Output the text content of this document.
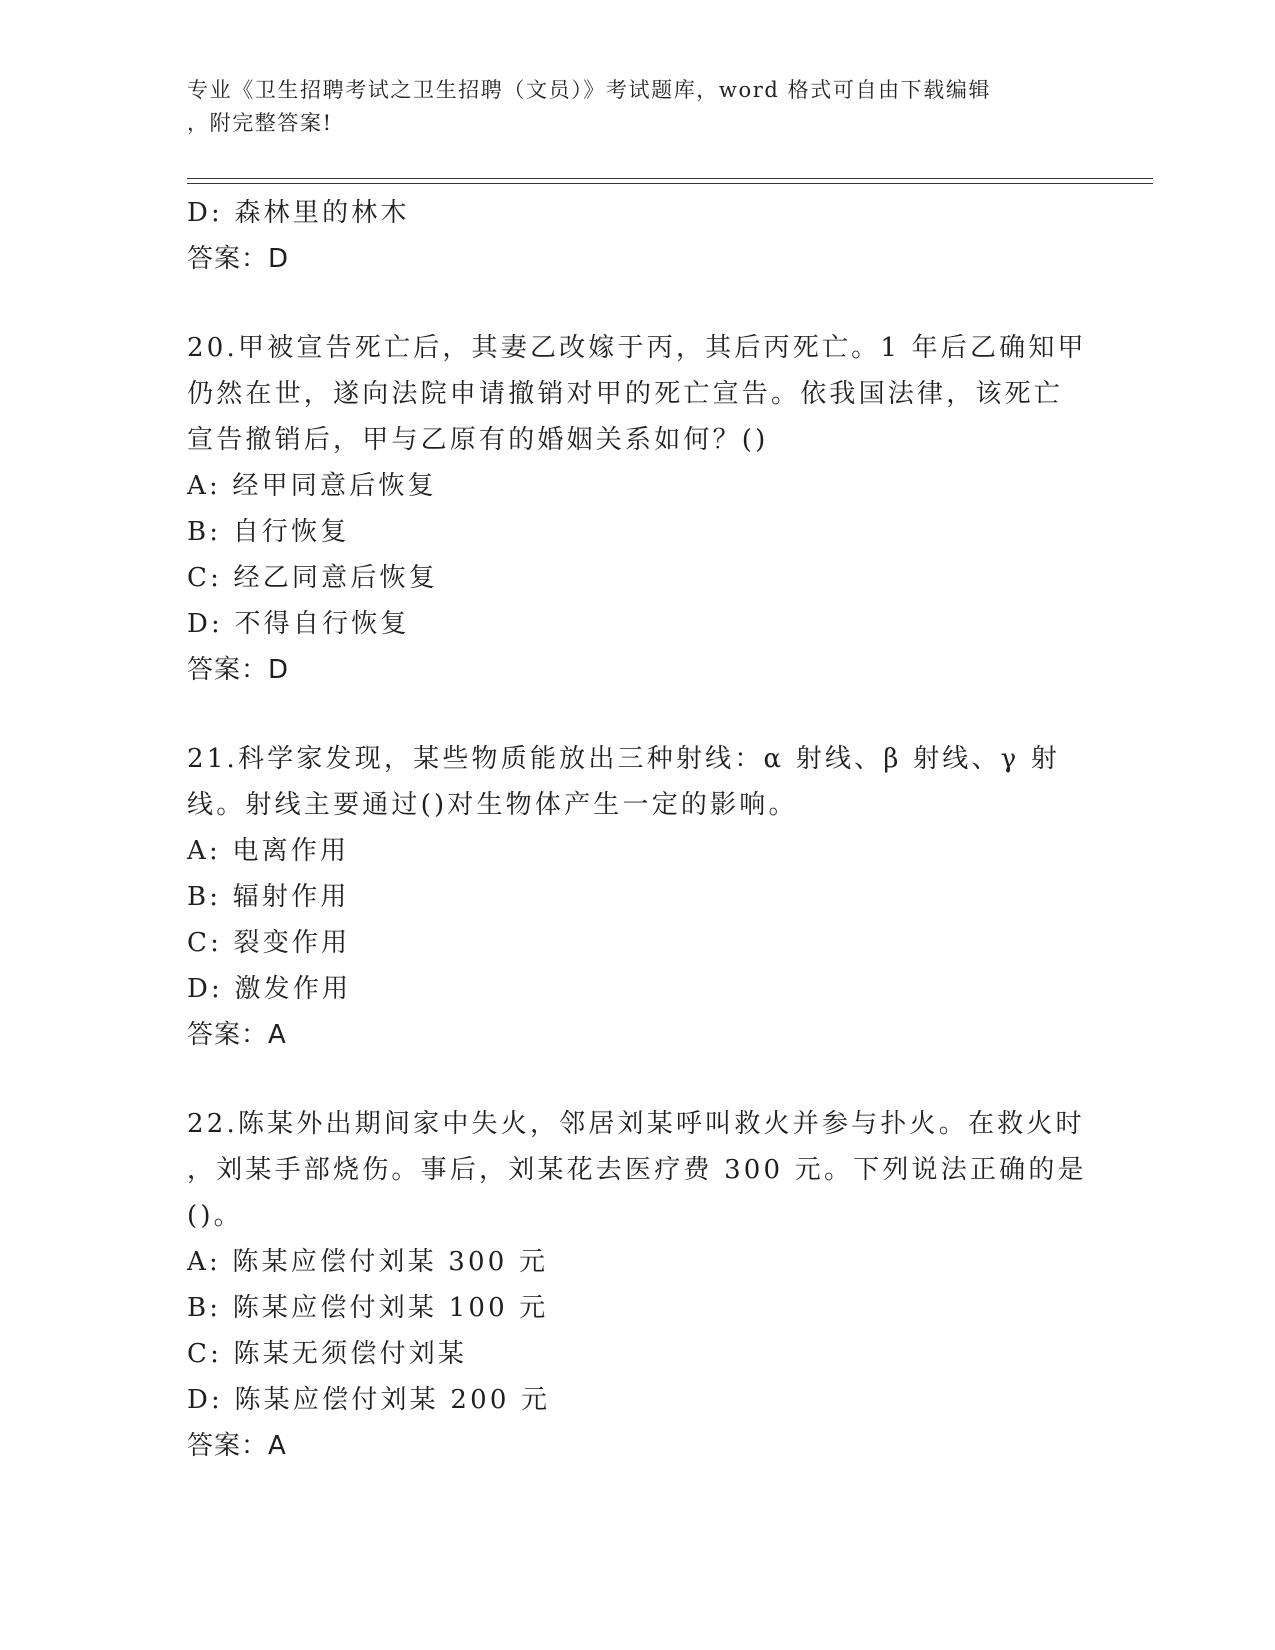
专业《卫生招聘考试之卫生招聘（文员）》考试题库，word 格式可自由下载编辑
，附完整答案!
D: 森林里的林木
答案：D
20.甲被宣告死亡后，其妻乙改嫁于丙，其后丙死亡。1 年后乙确知甲
仍然在世，遂向法院申请撤销对甲的死亡宣告。依我国法律，该死亡
宣告撤销后，甲与乙原有的婚姻关系如何？()
A: 经甲同意后恢复
B: 自行恢复
C: 经乙同意后恢复
D: 不得自行恢复
答案：D
21.科学家发现，某些物质能放出三种射线：α 射线、β 射线、γ 射
线。射线主要通过()对生物体产生一定的影响。
A: 电离作用
B: 辐射作用
C: 裂变作用
D: 激发作用
答案：A
22.陈某外出期间家中失火，邻居刘某呼叫救火并参与扑火。在救火时
，刘某手部烧伤。事后，刘某花去医疗费 300 元。下列说法正确的是
()。
A: 陈某应偿付刘某 300 元
B: 陈某应偿付刘某 100 元
C: 陈某无须偿付刘某
D: 陈某应偿付刘某 200 元
答案：A
